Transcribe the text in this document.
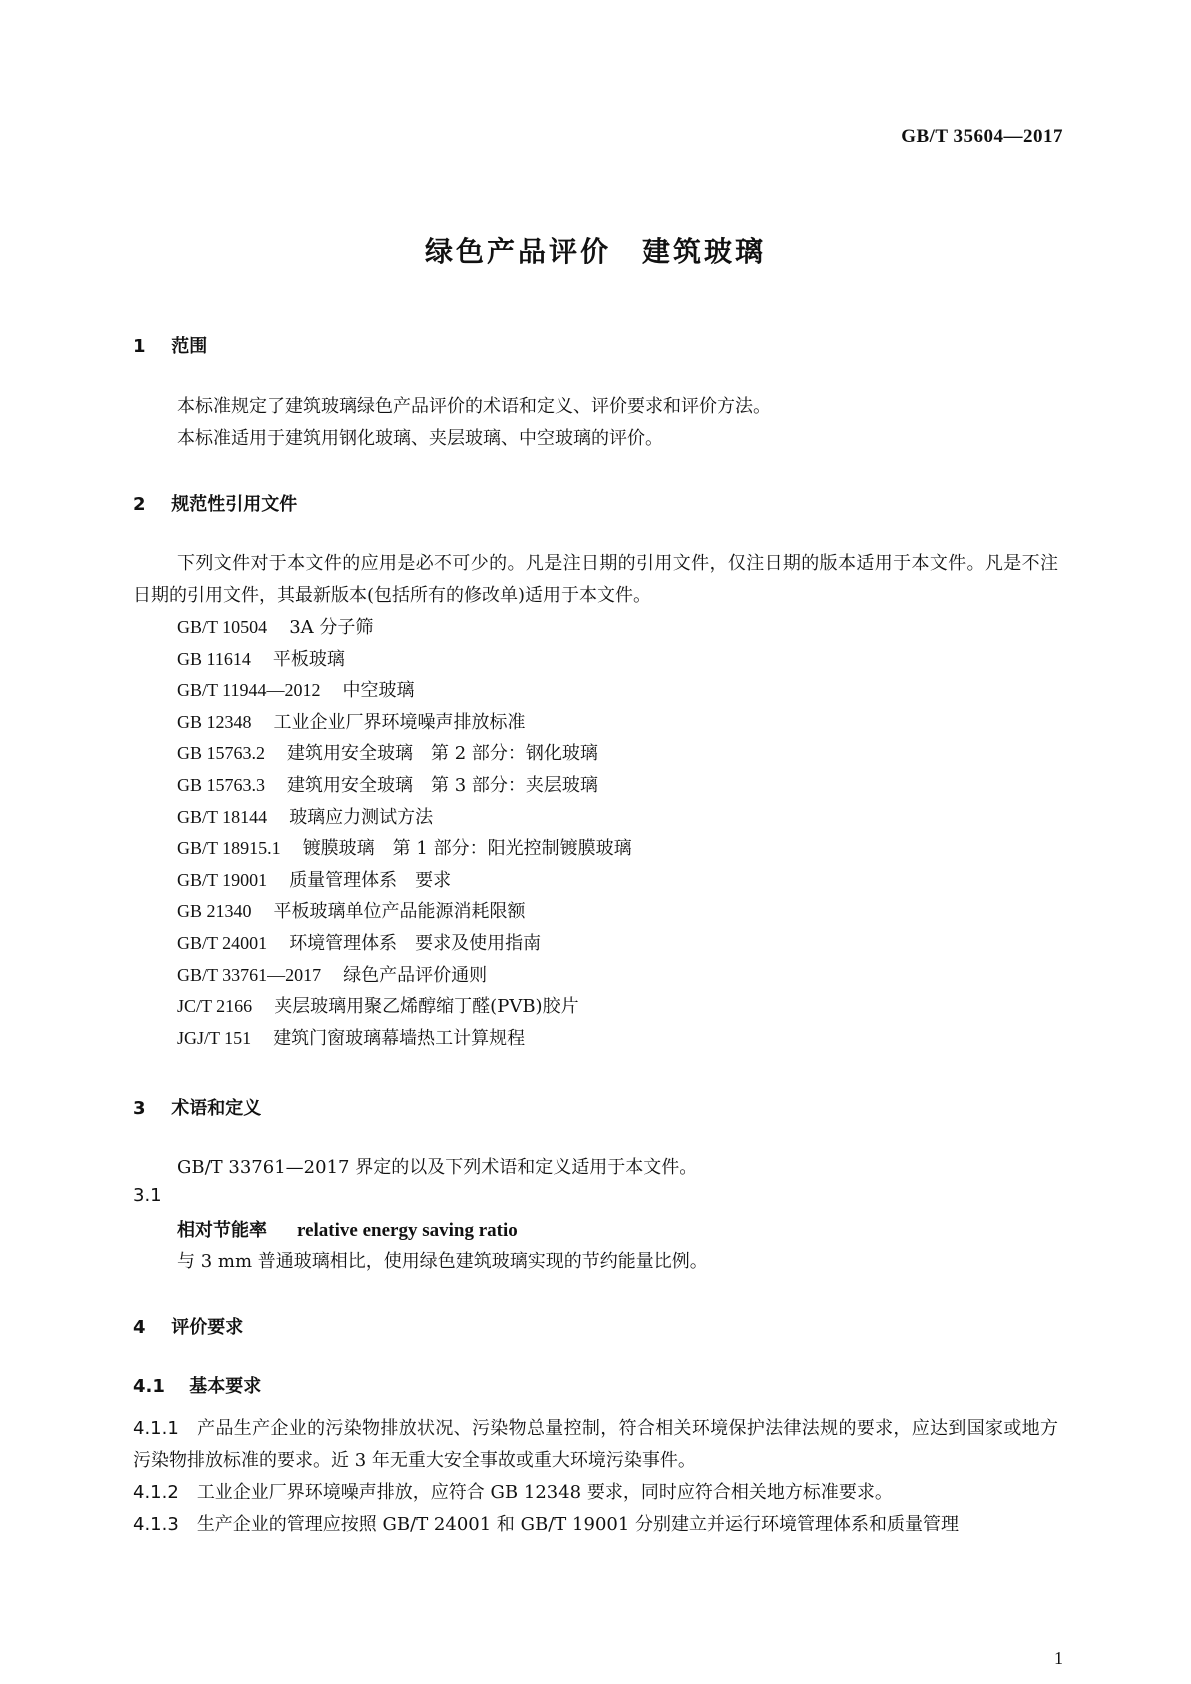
GB/T 35604—2017
绿色产品评价　建筑玻璃
1 范围
本标准规定了建筑玻璃绿色产品评价的术语和定义、评价要求和评价方法。
本标准适用于建筑用钢化玻璃、夹层玻璃、中空玻璃的评价。
2 规范性引用文件
下列文件对于本文件的应用是必不可少的。凡是注日期的引用文件，仅注日期的版本适用于本文件。凡是不注日期的引用文件，其最新版本(包括所有的修改单)适用于本文件。
GB/T 10504 3A 分子筛
GB 11614 平板玻璃
GB/T 11944—2012 中空玻璃
GB 12348 工业企业厂界环境噪声排放标准
GB 15763.2 建筑用安全玻璃　第 2 部分：钢化玻璃
GB 15763.3 建筑用安全玻璃　第 3 部分：夹层玻璃
GB/T 18144 玻璃应力测试方法
GB/T 18915.1 镀膜玻璃　第 1 部分：阳光控制镀膜玻璃
GB/T 19001 质量管理体系　要求
GB 21340 平板玻璃单位产品能源消耗限额
GB/T 24001 环境管理体系　要求及使用指南
GB/T 33761—2017 绿色产品评价通则
JC/T 2166 夹层玻璃用聚乙烯醇缩丁醛(PVB)胶片
JGJ/T 151 建筑门窗玻璃幕墙热工计算规程
3 术语和定义
GB/T 33761—2017 界定的以及下列术语和定义适用于本文件。
3.1
相对节能率 relative energy saving ratio
与 3 mm 普通玻璃相比，使用绿色建筑玻璃实现的节约能量比例。
4 评价要求
4.1 基本要求
4.1.1 产品生产企业的污染物排放状况、污染物总量控制，符合相关环境保护法律法规的要求，应达到国家或地方污染物排放标准的要求。近 3 年无重大安全事故或重大环境污染事件。
4.1.2 工业企业厂界环境噪声排放，应符合 GB 12348 要求，同时应符合相关地方标准要求。
4.1.3 生产企业的管理应按照 GB/T 24001 和 GB/T 19001 分别建立并运行环境管理体系和质量管理
1
